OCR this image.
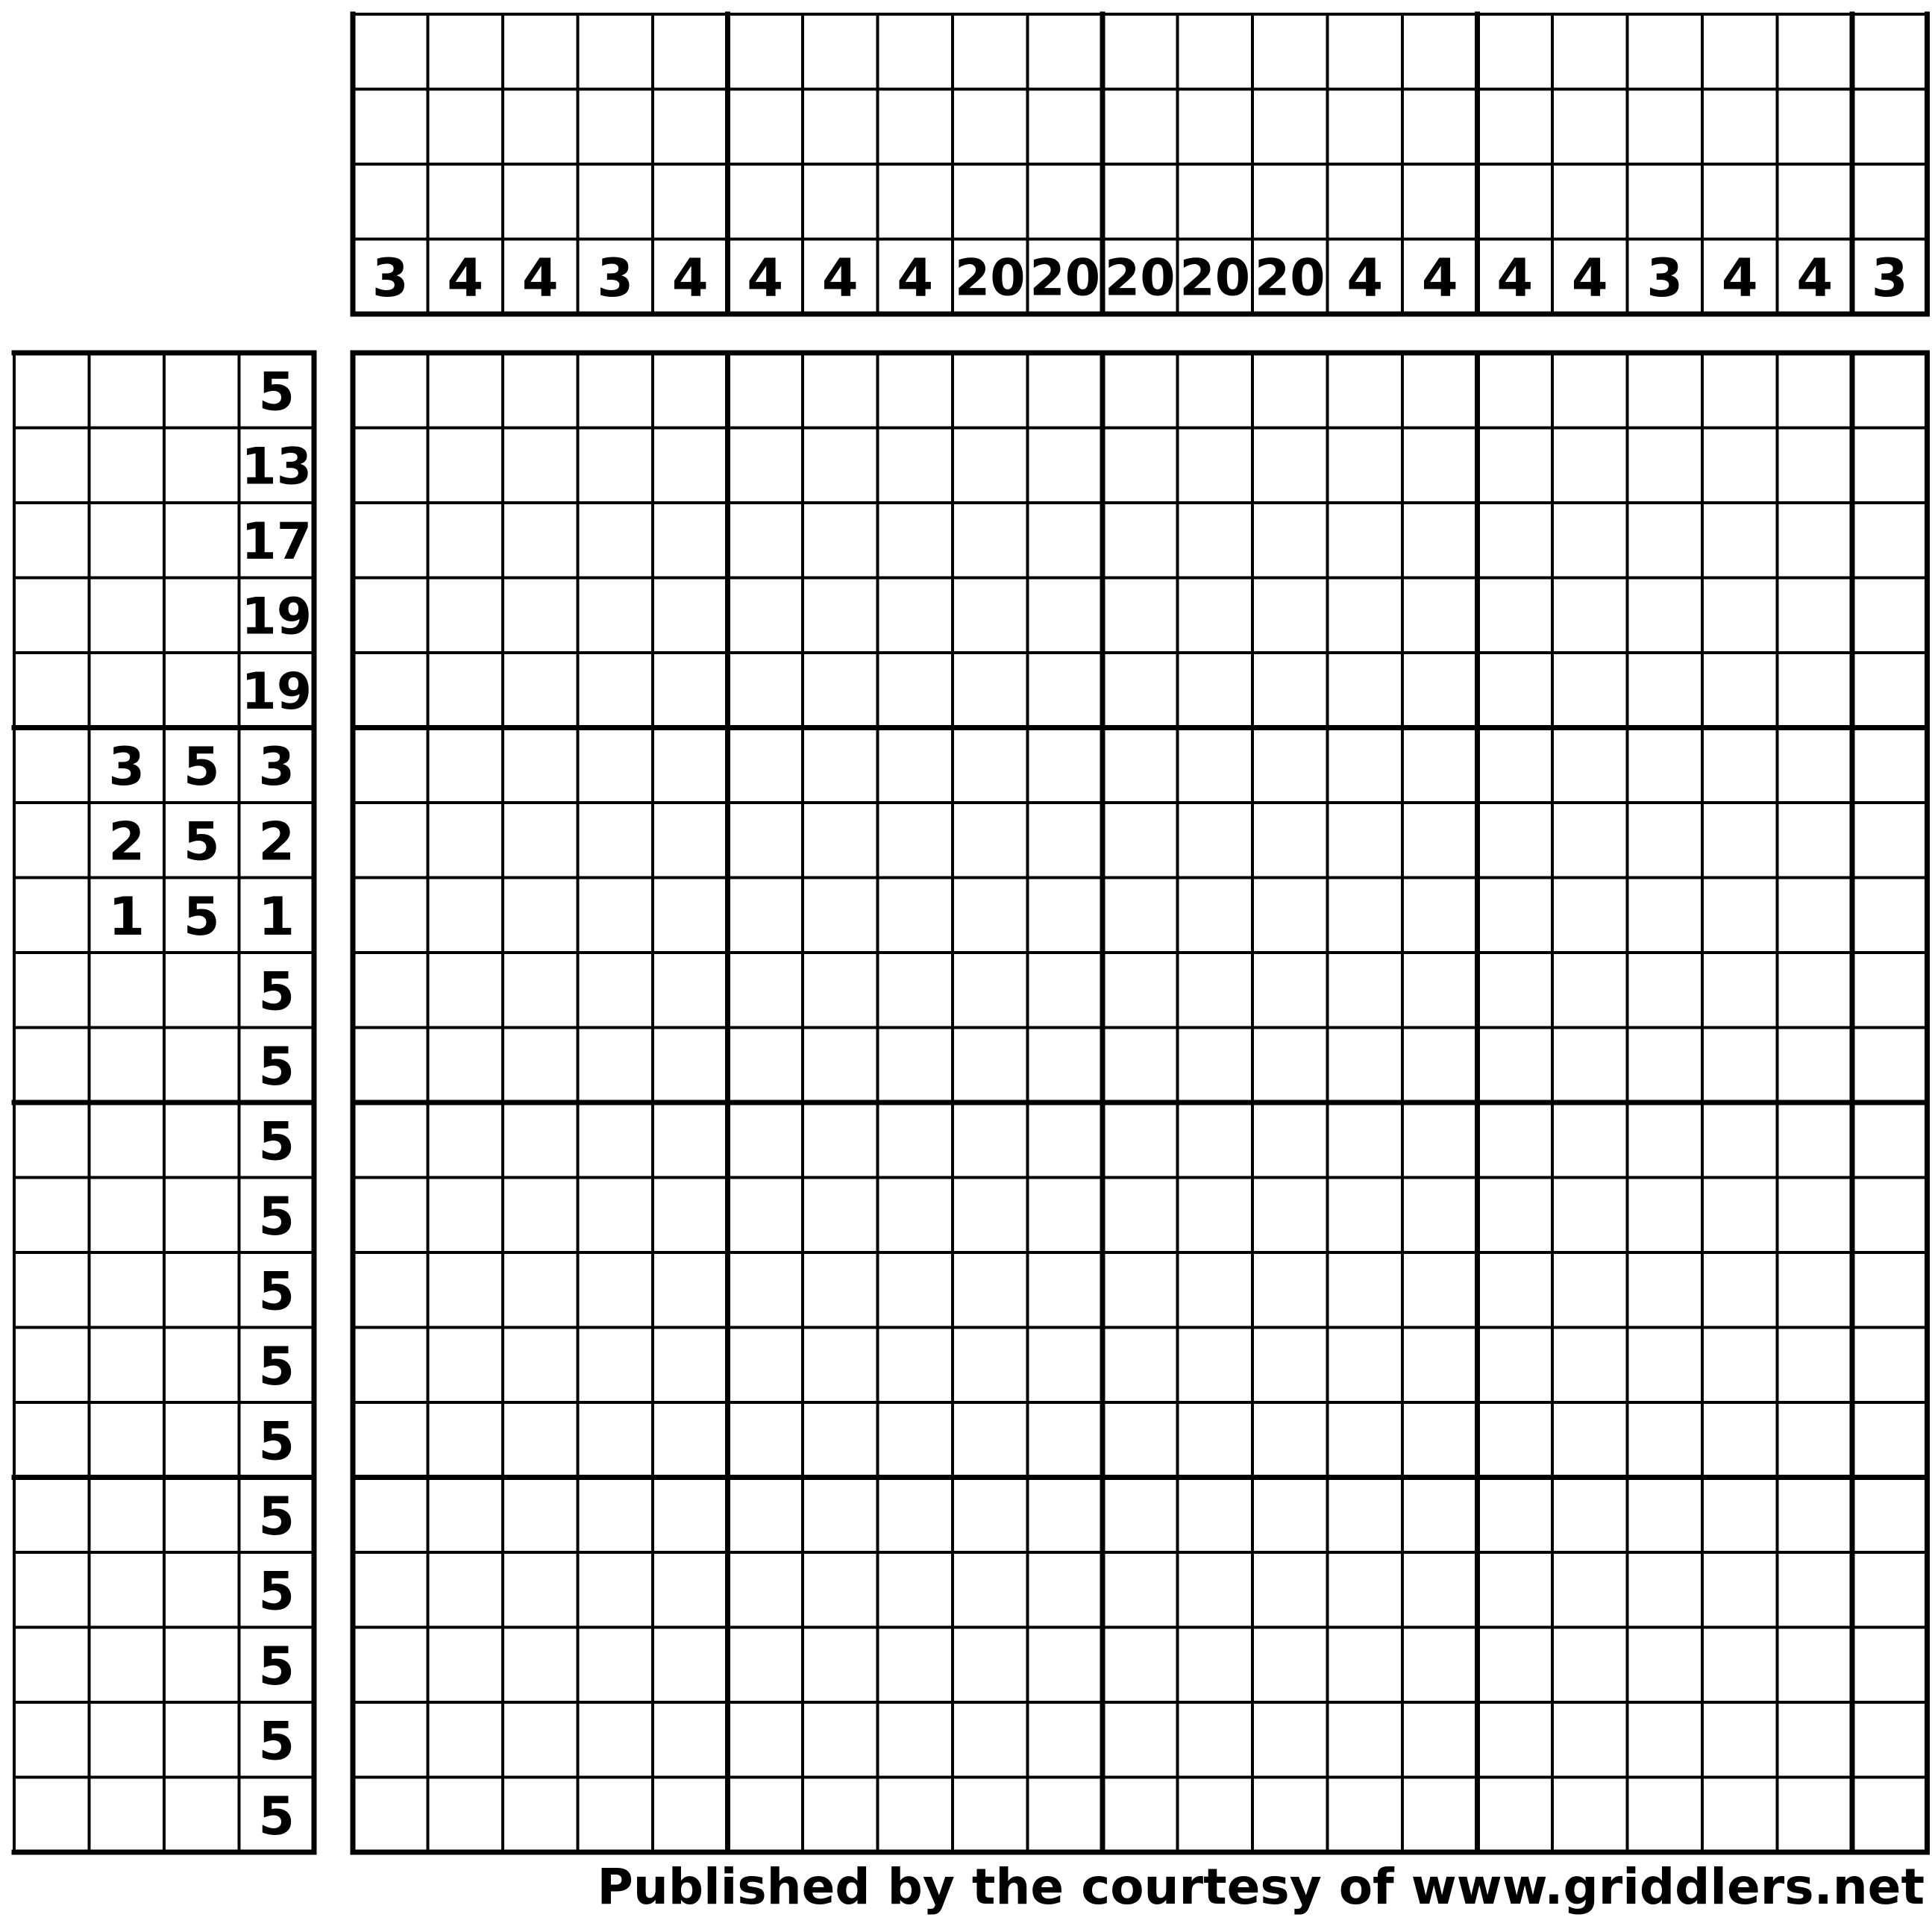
3 4 4 3 4 4 4 4 20 20 20 20 20 4 4 4 4 3 4 4 3
5
13
17
19
19
3 5 3
2 5 2
1 5 1
5
5
5
5
5
5
5
5
5
5
5
5
Published by the courtesy of www.griddlers.net
